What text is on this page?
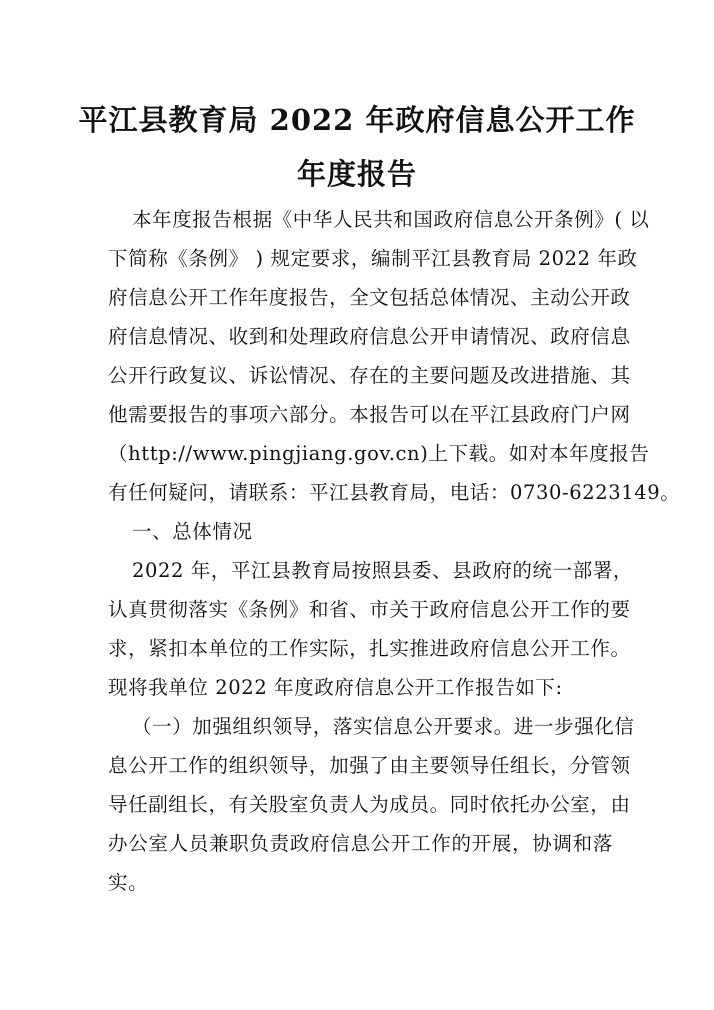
平江县教育局 2022 年政府信息公开工作
年度报告
本年度报告根据《中华人民共和国政府信息公开条例》( 以
下简称《条例》 ) 规定要求，编制平江县教育局 2022 年政
府信息公开工作年度报告，全文包括总体情况、主动公开政
府信息情况、收到和处理政府信息公开申请情况、政府信息
公开行政复议、诉讼情况、存在的主要问题及改进措施、其
他需要报告的事项六部分。本报告可以在平江县政府门户网
（http://www.pingjiang.gov.cn)上下载。如对本年度报告
有任何疑问，请联系：平江县教育局，电话：0730-6223149。
一、总体情况
2022 年，平江县教育局按照县委、县政府的统一部署，
认真贯彻落实《条例》和省、市关于政府信息公开工作的要
求，紧扣本单位的工作实际，扎实推进政府信息公开工作。
现将我单位 2022 年度政府信息公开工作报告如下:
（一）加强组织领导，落实信息公开要求。进一步强化信
息公开工作的组织领导，加强了由主要领导任组长，分管领
导任副组长，有关股室负责人为成员。同时依托办公室，由
办公室人员兼职负责政府信息公开工作的开展，协调和落
实。
